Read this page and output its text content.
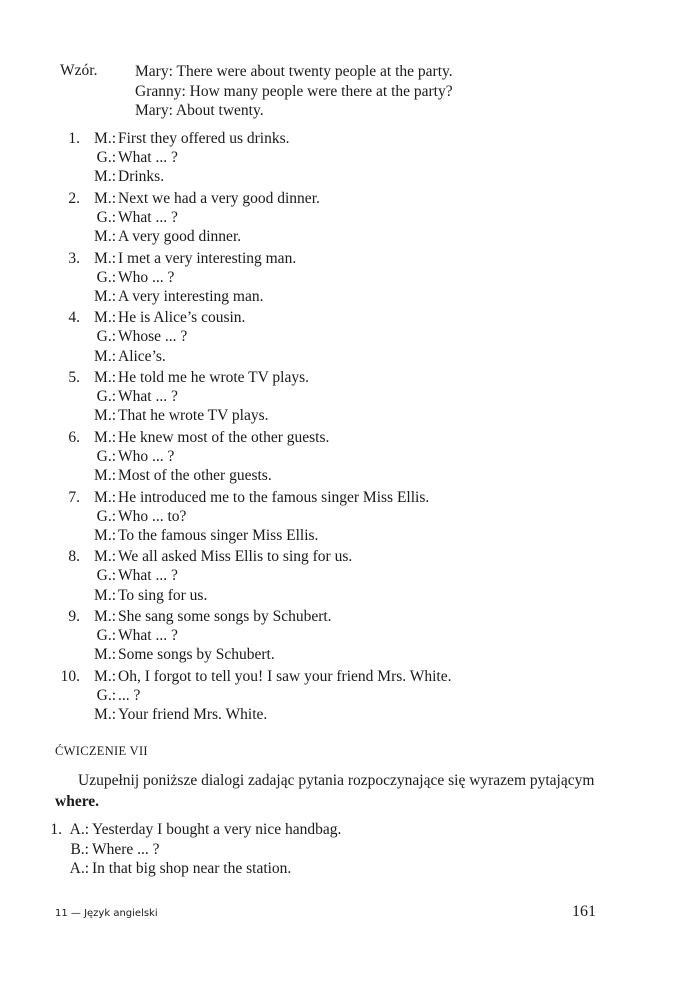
Wzór. Mary: There were about twenty people at the party.
Granny: How many people were there at the party?
Mary: About twenty.
1. M.: First they offered us drinks.
G.: What ... ?
M.: Drinks.
2. M.: Next we had a very good dinner.
G.: What ... ?
M.: A very good dinner.
3. M.: I met a very interesting man.
G.: Who ... ?
M.: A very interesting man.
4. M.: He is Alice’s cousin.
G.: Whose ... ?
M.: Alice’s.
5. M.: He told me he wrote TV plays.
G.: What ... ?
M.: That he wrote TV plays.
6. M.: He knew most of the other guests.
G.: Who ... ?
M.: Most of the other guests.
7. M.: He introduced me to the famous singer Miss Ellis.
G.: Who ... to?
M.: To the famous singer Miss Ellis.
8. M.: We all asked Miss Ellis to sing for us.
G.: What ... ?
M.: To sing for us.
9. M.: She sang some songs by Schubert.
G.: What ... ?
M.: Some songs by Schubert.
10. M.: Oh, I forgot to tell you! I saw your friend Mrs. White.
G.: ... ?
M.: Your friend Mrs. White.
ĆWICZENIE VII
Uzupełnij poniższe dialogi zadając pytania rozpoczynające się wyrazem pytającym where.
1. A.: Yesterday I bought a very nice handbag.
B.: Where ... ?
A.: In that big shop near the station.
11 — Język angielski	161
